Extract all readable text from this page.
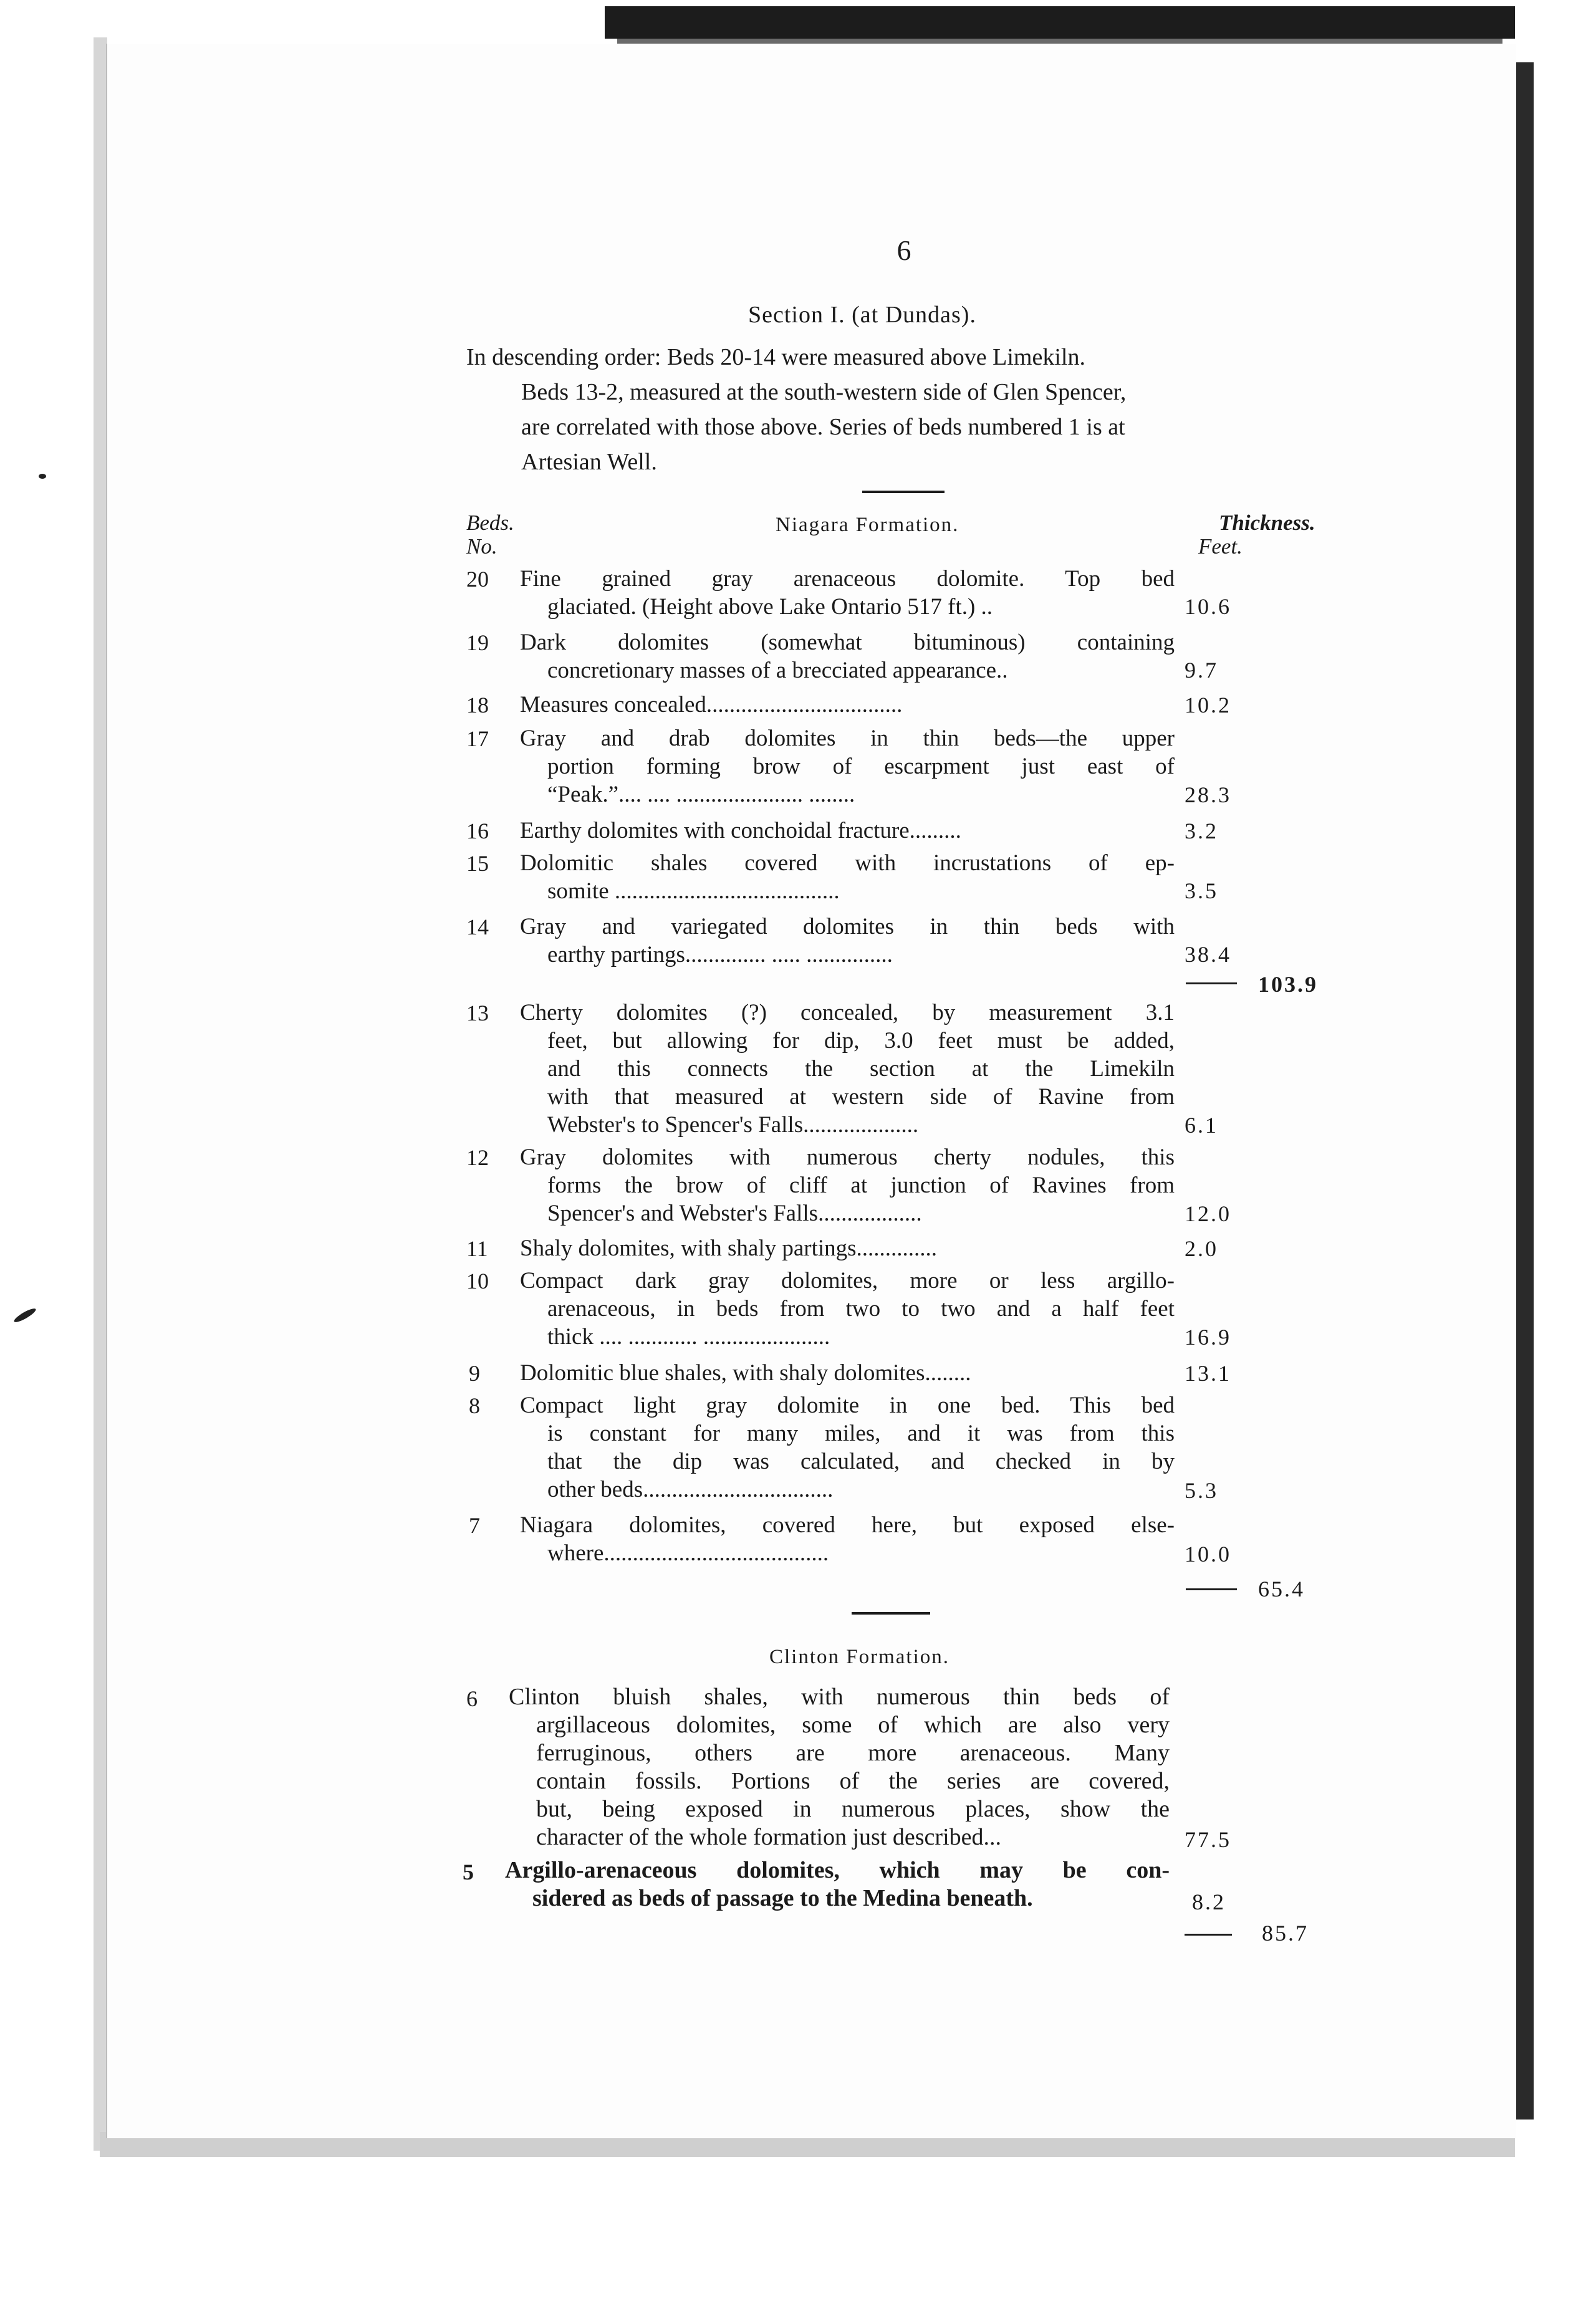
6
Section I. (at Dundas).
In descending order: Beds 20-14 were measured above Limekiln.
Beds 13-2, measured at the south-western side of Glen Spencer,
are correlated with those above. Series of beds numbered 1 is at
Artesian Well.
Beds.
No.
Niagara Formation.	Thickness.
Feet.
20	Fine grained gray arenaceous dolomite. Top bed
glaciated. (Height above Lake Ontario 517 ft.) ..	10.6
19	Dark dolomites (somewhat bituminous) containing
concretionary masses of a brecciated appearance..	9.7
18	Measures concealed..................................	10.2
17	Gray and drab dolomites in thin beds—the upper
portion forming brow of escarpment just east of
“Peak.”.... .... ...................... ........	28.3
16	Earthy dolomites with conchoidal fracture.........	3.2
15	Dolomitic shales covered with incrustations of ep-
somite .......................................	3.5
14	Gray and variegated dolomites in thin beds with
earthy partings.............. ..... ...............	38.4
103.9
13	Cherty dolomites (?) concealed, by measurement 3.1
feet, but allowing for dip, 3.0 feet must be added,
and this connects the section at the Limekiln
with that measured at western side of Ravine from
Webster's to Spencer's Falls....................	6.1
12	Gray dolomites with numerous cherty nodules, this
forms the brow of cliff at junction of Ravines from
Spencer's and Webster's Falls..................	12.0
11	Shaly dolomites, with shaly partings..............	2.0
10	Compact dark gray dolomites, more or less argillo-
arenaceous, in beds from two to two and a half feet
thick .... ............ ......................	16.9
9	Dolomitic blue shales, with shaly dolomites........	13.1
8	Compact light gray dolomite in one bed. This bed
is constant for many miles, and it was from this
that the dip was calculated, and checked in by
other beds.................................	5.3
7	Niagara dolomites, covered here, but exposed else-
where.......................................	10.0
65.4
Clinton Formation.
6	Clinton bluish shales, with numerous thin beds of
argillaceous dolomites, some of which are also very
ferruginous, others are more arenaceous. Many
contain fossils. Portions of the series are covered,
but, being exposed in numerous places, show the
character of the whole formation just described...	77.5
5	Argillo-arenaceous dolomites, which may be con-
sidered as beds of passage to the Medina beneath.	8.2
85.7
